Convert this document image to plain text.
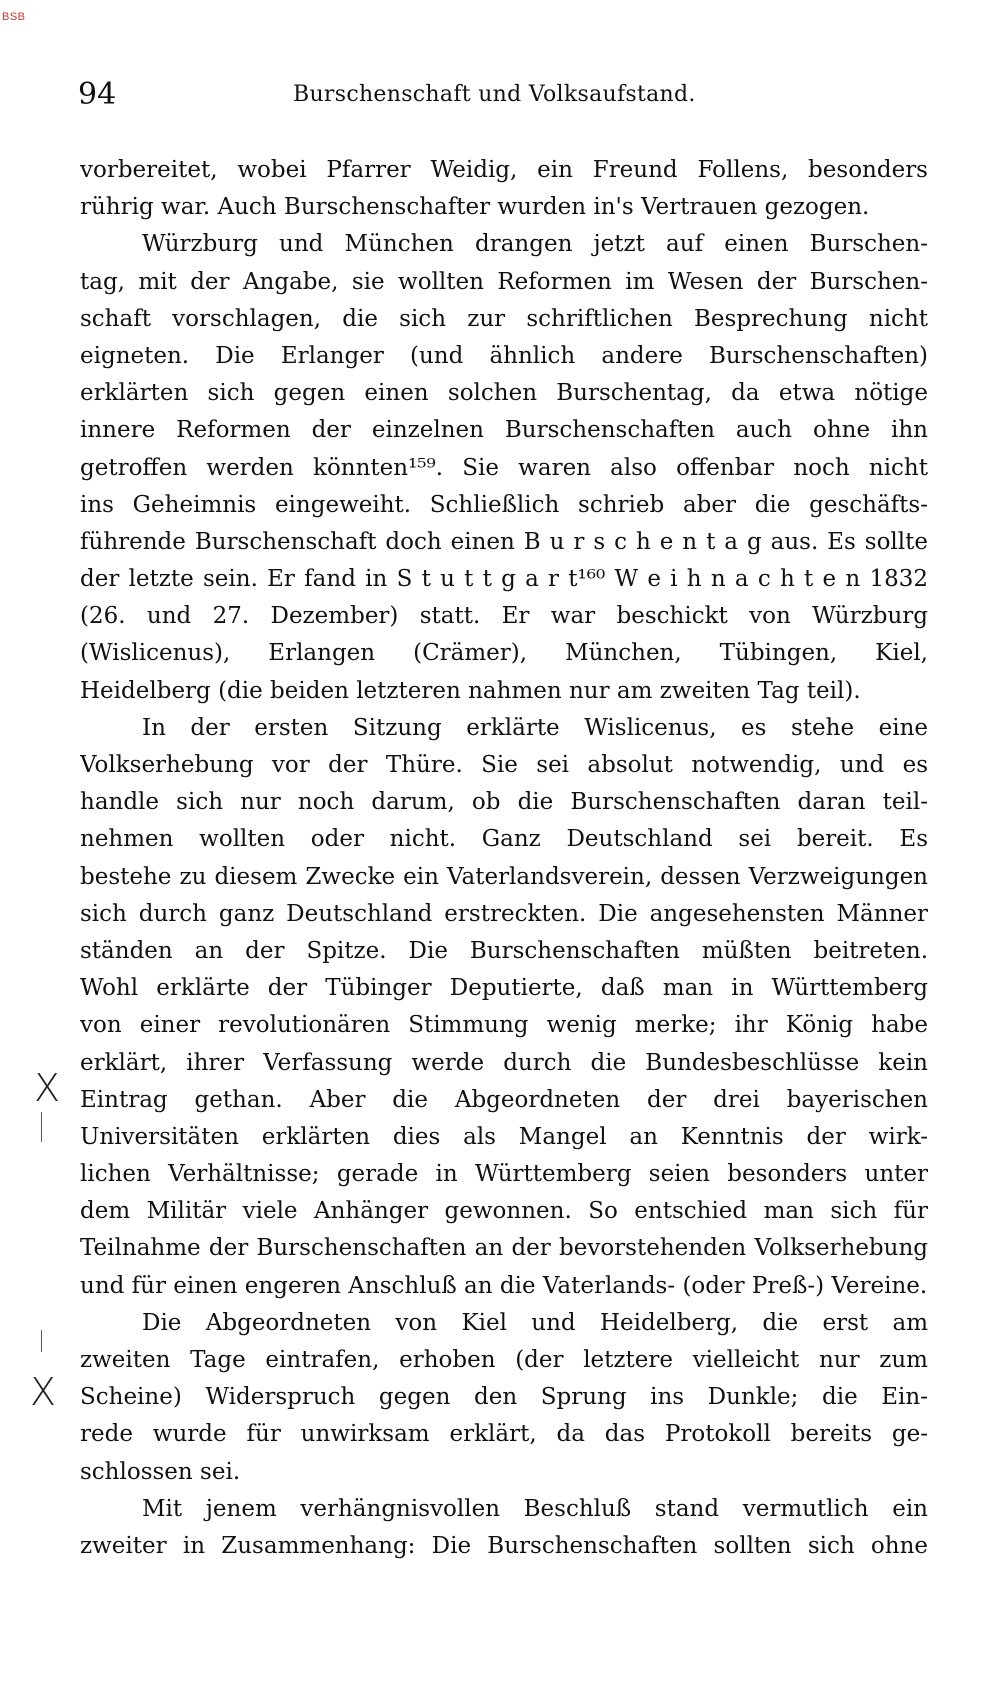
BSB
94	Burschenschaft und Volksaufstand.
vorbereitet, wobei Pfarrer Weidig, ein Freund Follens, besonders
rührig war. Auch Burschenschafter wurden in's Vertrauen gezogen.
Würzburg und München drangen jetzt auf einen Burschen-
tag, mit der Angabe, sie wollten Reformen im Wesen der Burschen-
schaft vorschlagen, die sich zur schriftlichen Besprechung nicht
eigneten. Die Erlanger (und ähnlich andere Burschenschaften)
erklärten sich gegen einen solchen Burschentag, da etwa nötige
innere Reformen der einzelnen Burschenschaften auch ohne ihn
getroffen werden könnten¹⁵⁹. Sie waren also offenbar noch nicht
ins Geheimnis eingeweiht. Schließlich schrieb aber die geschäfts-
führende Burschenschaft doch einen B u r s c h e n t a g aus. Es sollte
der letzte sein. Er fand in S t u t t g a r t¹⁶⁰ W e i h n a c h t e n 1832
(26. und 27. Dezember) statt. Er war beschickt von Würzburg
(Wislicenus), Erlangen (Crämer), München, Tübingen, Kiel,
Heidelberg (die beiden letzteren nahmen nur am zweiten Tag teil).
In der ersten Sitzung erklärte Wislicenus, es stehe eine
Volkserhebung vor der Thüre. Sie sei absolut notwendig, und es
handle sich nur noch darum, ob die Burschenschaften daran teil-
nehmen wollten oder nicht. Ganz Deutschland sei bereit. Es
bestehe zu diesem Zwecke ein Vaterlandsverein, dessen Verzweigungen
sich durch ganz Deutschland erstreckten. Die angesehensten Männer
ständen an der Spitze. Die Burschenschaften müßten beitreten.
Wohl erklärte der Tübinger Deputierte, daß man in Württemberg
von einer revolutionären Stimmung wenig merke; ihr König habe
erklärt, ihrer Verfassung werde durch die Bundesbeschlüsse kein
Eintrag gethan. Aber die Abgeordneten der drei bayerischen
Universitäten erklärten dies als Mangel an Kenntnis der wirk-
lichen Verhältnisse; gerade in Württemberg seien besonders unter
dem Militär viele Anhänger gewonnen. So entschied man sich für
Teilnahme der Burschenschaften an der bevorstehenden Volkserhebung
und für einen engeren Anschluß an die Vaterlands- (oder Preß-) Vereine.
Die Abgeordneten von Kiel und Heidelberg, die erst am
zweiten Tage eintrafen, erhoben (der letztere vielleicht nur zum
Scheine) Widerspruch gegen den Sprung ins Dunkle; die Ein-
rede wurde für unwirksam erklärt, da das Protokoll bereits ge-
schlossen sei.
Mit jenem verhängnisvollen Beschluß stand vermutlich ein
zweiter in Zusammenhang: Die Burschenschaften sollten sich ohne
X
X
